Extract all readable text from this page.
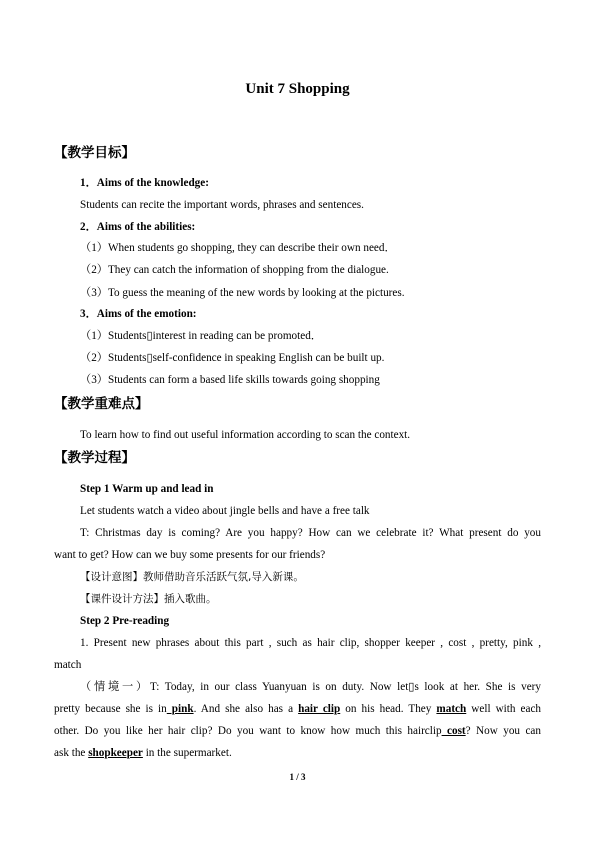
Unit 7 Shopping
【教学目标】
1．Aims of the knowledge:
Students can recite the important words, phrases and sentences.
2．Aims of the abilities:
（1）When students go shopping, they can describe their own need．
（2）They can catch the information of shopping from the dialogue.
（3）To guess the meaning of the new words by looking at the pictures.
3．Aims of the emotion:
（1）Students▯interest in reading can be promoted．
（2）Students▯self-confidence in speaking English can be built up.
（3）Students can form a based life skills towards going shopping
【教学重难点】
To learn how to find out useful information according to scan the context.
【教学过程】
Step 1 Warm up and lead in
Let students watch a video about jingle bells and have a free talk
T: Christmas day is coming? Are you happy? How can we celebrate it? What present do you
want to get? How can we buy some presents for our friends?
【设计意图】教师借助音乐活跃气氛,导入新课。
【课件设计方法】插入歌曲。
Step 2 Pre-reading
1. Present new phrases about this part , such as hair clip, shopper keeper , cost , pretty, pink ,
match
（情境一）T: Today, in our class Yuanyuan is on duty. Now let▯s look at her. She is very
pretty because she is in pink. And she also has a hair clip on his head. They match well with each
other. Do you like her hair clip? Do you want to know how much this hairclip cost? Now you can
ask the shopkeeper in the supermarket.
1 / 3
